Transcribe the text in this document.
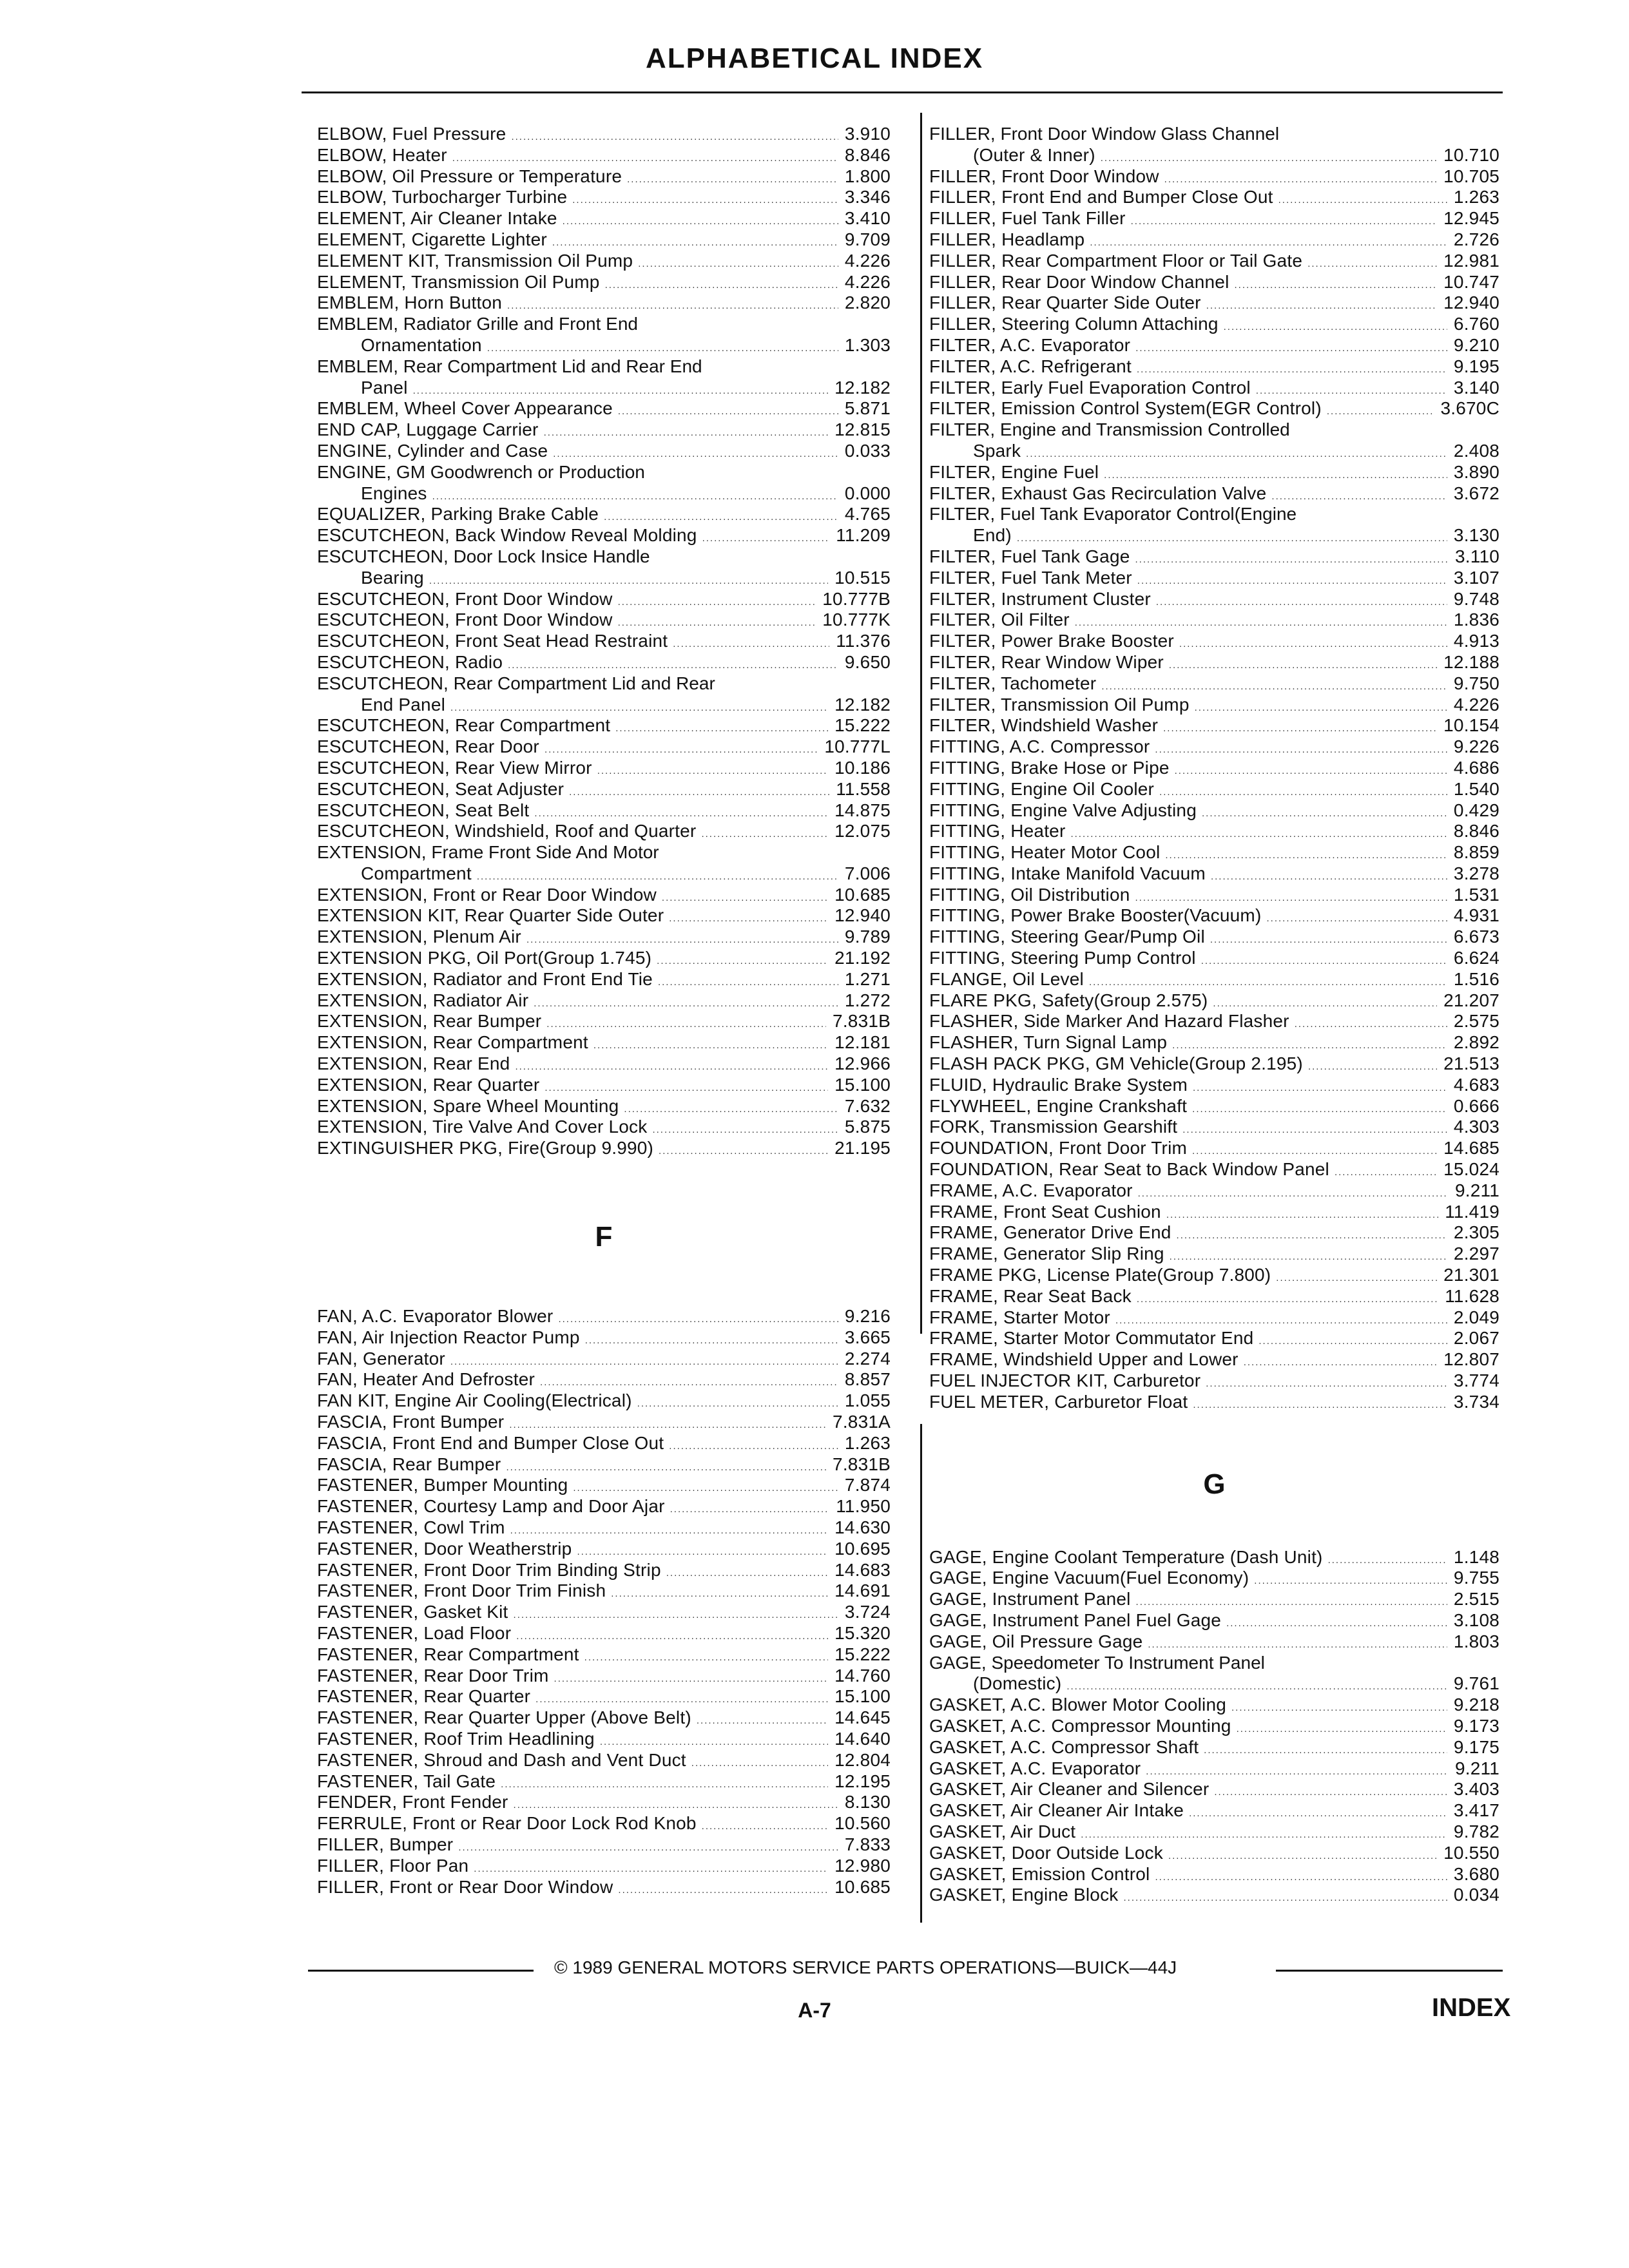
ALPHABETICAL INDEX
ELBOW, Fuel Pressure .....	3.910
ELBOW, Heater .....	8.846
ELBOW, Oil Pressure or Temperature .....	1.800
ELBOW, Turbocharger Turbine .....	3.346
ELEMENT, Air Cleaner Intake .....	3.410
ELEMENT, Cigarette Lighter .....	9.709
ELEMENT KIT, Transmission Oil Pump .....	4.226
ELEMENT, Transmission Oil Pump .....	4.226
EMBLEM, Horn Button .....	2.820
EMBLEM, Radiator Grille and Front End
Ornamentation .....	1.303
EMBLEM, Rear Compartment Lid and Rear End
Panel .....	12.182
EMBLEM, Wheel Cover Appearance .....	5.871
END CAP, Luggage Carrier .....	12.815
ENGINE, Cylinder and Case .....	0.033
ENGINE, GM Goodwrench or Production
Engines .....	0.000
EQUALIZER, Parking Brake Cable .....	4.765
ESCUTCHEON, Back Window Reveal Molding .....	11.209
ESCUTCHEON, Door Lock Insice Handle
Bearing .....	10.515
ESCUTCHEON, Front Door Window .....	10.777B
ESCUTCHEON, Front Door Window .....	10.777K
ESCUTCHEON, Front Seat Head Restraint .....	11.376
ESCUTCHEON, Radio .....	9.650
ESCUTCHEON, Rear Compartment Lid and Rear
End Panel .....	12.182
ESCUTCHEON, Rear Compartment .....	15.222
ESCUTCHEON, Rear Door .....	10.777L
ESCUTCHEON, Rear View Mirror .....	10.186
ESCUTCHEON, Seat Adjuster .....	11.558
ESCUTCHEON, Seat Belt .....	14.875
ESCUTCHEON, Windshield, Roof and Quarter .....	12.075
EXTENSION, Frame Front Side And Motor
Compartment .....	7.006
EXTENSION, Front or Rear Door Window .....	10.685
EXTENSION KIT, Rear Quarter Side Outer .....	12.940
EXTENSION, Plenum Air .....	9.789
EXTENSION PKG, Oil Port(Group 1.745) .....	21.192
EXTENSION, Radiator and Front End Tie .....	1.271
EXTENSION, Radiator Air .....	1.272
EXTENSION, Rear Bumper .....	7.831B
EXTENSION, Rear Compartment .....	12.181
EXTENSION, Rear End .....	12.966
EXTENSION, Rear Quarter .....	15.100
EXTENSION, Spare Wheel Mounting .....	7.632
EXTENSION, Tire Valve And Cover Lock .....	5.875
EXTINGUISHER PKG, Fire(Group 9.990) .....	21.195
F
FAN, A.C. Evaporator Blower .....	9.216
FAN, Air Injection Reactor Pump .....	3.665
FAN, Generator .....	2.274
FAN, Heater And Defroster .....	8.857
FAN KIT, Engine Air Cooling(Electrical) .....	1.055
FASCIA, Front Bumper .....	7.831A
FASCIA, Front End and Bumper Close Out .....	1.263
FASCIA, Rear Bumper .....	7.831B
FASTENER, Bumper Mounting .....	7.874
FASTENER, Courtesy Lamp and Door Ajar .....	11.950
FASTENER, Cowl Trim .....	14.630
FASTENER, Door Weatherstrip .....	10.695
FASTENER, Front Door Trim Binding Strip .....	14.683
FASTENER, Front Door Trim Finish .....	14.691
FASTENER, Gasket Kit .....	3.724
FASTENER, Load Floor .....	15.320
FASTENER, Rear Compartment .....	15.222
FASTENER, Rear Door Trim .....	14.760
FASTENER, Rear Quarter .....	15.100
FASTENER, Rear Quarter Upper (Above Belt) .....	14.645
FASTENER, Roof Trim Headlining .....	14.640
FASTENER, Shroud and Dash and Vent Duct .....	12.804
FASTENER, Tail Gate .....	12.195
FENDER, Front Fender .....	8.130
FERRULE, Front or Rear Door Lock Rod Knob .....	10.560
FILLER, Bumper .....	7.833
FILLER, Floor Pan .....	12.980
FILLER, Front or Rear Door Window .....	10.685
FILLER, Front Door Window Glass Channel
(Outer & Inner) .....	10.710
FILLER, Front Door Window .....	10.705
FILLER, Front End and Bumper Close Out .....	1.263
FILLER, Fuel Tank Filler .....	12.945
FILLER, Headlamp .....	2.726
FILLER, Rear Compartment Floor or Tail Gate .....	12.981
FILLER, Rear Door Window Channel .....	10.747
FILLER, Rear Quarter Side Outer .....	12.940
FILLER, Steering Column Attaching .....	6.760
FILTER, A.C. Evaporator .....	9.210
FILTER, A.C. Refrigerant .....	9.195
FILTER, Early Fuel Evaporation Control .....	3.140
FILTER, Emission Control System(EGR Control) .....	3.670C
FILTER, Engine and Transmission Controlled
Spark .....	2.408
FILTER, Engine Fuel .....	3.890
FILTER, Exhaust Gas Recirculation Valve .....	3.672
FILTER, Fuel Tank Evaporator Control(Engine
End) .....	3.130
FILTER, Fuel Tank Gage .....	3.110
FILTER, Fuel Tank Meter .....	3.107
FILTER, Instrument Cluster .....	9.748
FILTER, Oil Filter .....	1.836
FILTER, Power Brake Booster .....	4.913
FILTER, Rear Window Wiper .....	12.188
FILTER, Tachometer .....	9.750
FILTER, Transmission Oil Pump .....	4.226
FILTER, Windshield Washer .....	10.154
FITTING, A.C. Compressor .....	9.226
FITTING, Brake Hose or Pipe .....	4.686
FITTING, Engine Oil Cooler .....	1.540
FITTING, Engine Valve Adjusting .....	0.429
FITTING, Heater .....	8.846
FITTING, Heater Motor Cool .....	8.859
FITTING, Intake Manifold Vacuum .....	3.278
FITTING, Oil Distribution .....	1.531
FITTING, Power Brake Booster(Vacuum) .....	4.931
FITTING, Steering Gear/Pump Oil .....	6.673
FITTING, Steering Pump Control .....	6.624
FLANGE, Oil Level .....	1.516
FLARE PKG, Safety(Group 2.575) .....	21.207
FLASHER, Side Marker And Hazard Flasher .....	2.575
FLASHER, Turn Signal Lamp .....	2.892
FLASH PACK PKG, GM Vehicle(Group 2.195) .....	21.513
FLUID, Hydraulic Brake System .....	4.683
FLYWHEEL, Engine Crankshaft .....	0.666
FORK, Transmission Gearshift .....	4.303
FOUNDATION, Front Door Trim .....	14.685
FOUNDATION, Rear Seat to Back Window Panel .....	15.024
FRAME, A.C. Evaporator .....	9.211
FRAME, Front Seat Cushion .....	11.419
FRAME, Generator Drive End .....	2.305
FRAME, Generator Slip Ring .....	2.297
FRAME PKG, License Plate(Group 7.800) .....	21.301
FRAME, Rear Seat Back .....	11.628
FRAME, Starter Motor .....	2.049
FRAME, Starter Motor Commutator End .....	2.067
FRAME, Windshield Upper and Lower .....	12.807
FUEL INJECTOR KIT, Carburetor .....	3.774
FUEL METER, Carburetor Float .....	3.734
G
GAGE, Engine Coolant Temperature (Dash Unit) .....	1.148
GAGE, Engine Vacuum(Fuel Economy) .....	9.755
GAGE, Instrument Panel .....	2.515
GAGE, Instrument Panel Fuel Gage .....	3.108
GAGE, Oil Pressure Gage .....	1.803
GAGE, Speedometer To Instrument Panel
(Domestic) .....	9.761
GASKET, A.C. Blower Motor Cooling .....	9.218
GASKET, A.C. Compressor Mounting .....	9.173
GASKET, A.C. Compressor Shaft .....	9.175
GASKET, A.C. Evaporator .....	9.211
GASKET, Air Cleaner and Silencer .....	3.403
GASKET, Air Cleaner Air Intake .....	3.417
GASKET, Air Duct .....	9.782
GASKET, Door Outside Lock .....	10.550
GASKET, Emission Control .....	3.680
GASKET, Engine Block .....	0.034
© 1989 GENERAL MOTORS SERVICE PARTS OPERATIONS—BUICK—44J
A-7	INDEX
